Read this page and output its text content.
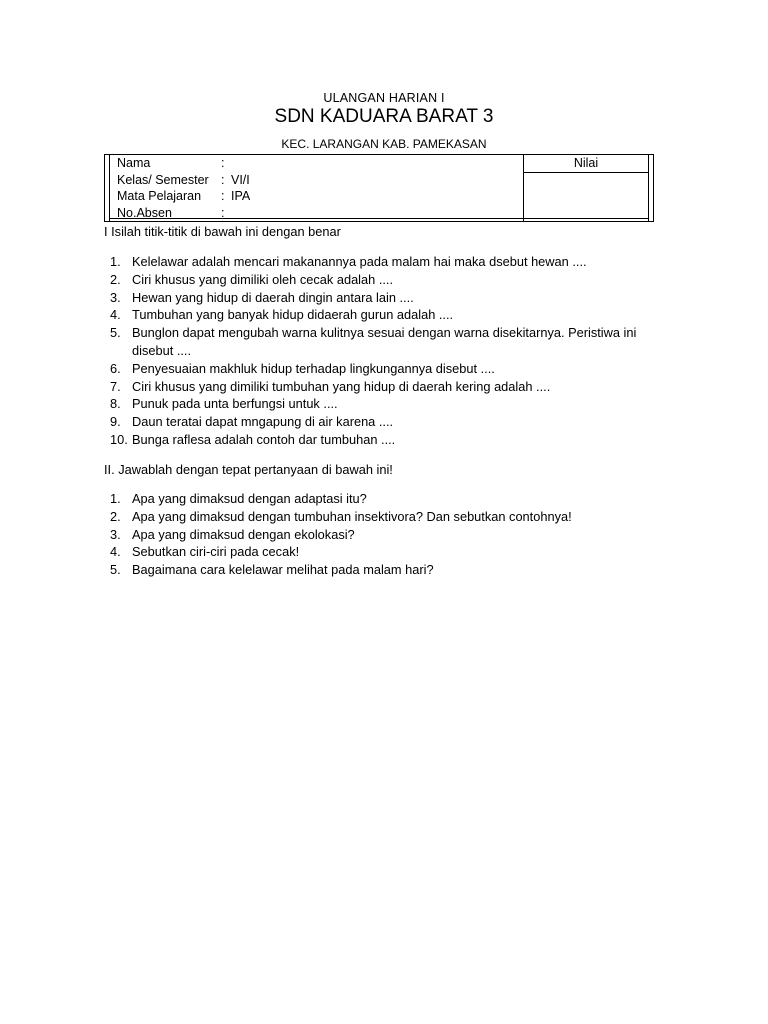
ULANGAN HARIAN I
SDN KADUARA BARAT 3
KEC. LARANGAN KAB. PAMEKASAN
Nilai
Nama	:
Kelas/ Semester : VI/I
Mata Pelajaran : IPA
No.Absen	:
I Isilah titik-titik di bawah ini dengan benar
1. Kelelawar adalah mencari makanannya pada malam hai maka dsebut hewan ....
2. Ciri khusus yang dimiliki oleh cecak adalah ....
3. Hewan yang hidup di daerah dingin antara lain ....
4. Tumbuhan yang banyak hidup didaerah gurun adalah ....
5. Bunglon dapat mengubah warna kulitnya sesuai dengan warna disekitarnya. Peristiwa ini disebut ....
6. Penyesuaian makhluk hidup terhadap lingkungannya disebut ....
7. Ciri khusus yang dimiliki tumbuhan yang hidup di daerah kering adalah ....
8. Punuk pada unta berfungsi untuk ....
9. Daun teratai dapat mngapung di air karena ....
10. Bunga raflesa adalah contoh dar tumbuhan ....
II. Jawablah dengan tepat pertanyaan di bawah ini!
1. Apa yang dimaksud dengan adaptasi itu?
2. Apa yang dimaksud dengan tumbuhan insektivora? Dan sebutkan contohnya!
3. Apa yang dimaksud dengan ekolokasi?
4. Sebutkan ciri-ciri pada cecak!
5. Bagaimana cara kelelawar melihat pada malam hari?
